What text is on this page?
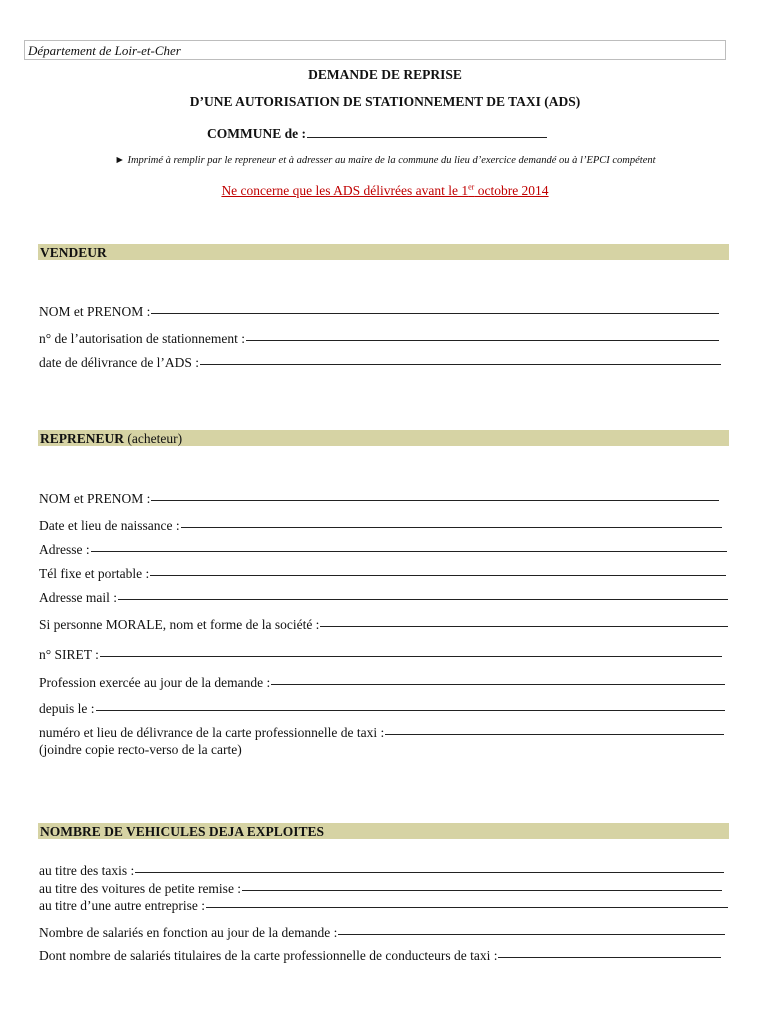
Département de Loir-et-Cher
DEMANDE DE REPRISE
D’UNE AUTORISATION DE STATIONNEMENT DE TAXI (ADS)
COMMUNE de :
► Imprimé à remplir par le repreneur et à adresser au maire de la commune du lieu d’exercice demandé ou à l’EPCI compétent
Ne concerne que les ADS délivrées avant le 1er octobre 2014
VENDEUR
NOM et PRENOM :
n° de l’autorisation de stationnement :
date de délivrance de l’ADS :
REPRENEUR (acheteur)
NOM et PRENOM :
Date et lieu de naissance :
Adresse :
Tél fixe et portable :
Adresse mail :
Si personne MORALE, nom et forme de la société :
n° SIRET :
Profession exercée au jour de la demande :
depuis le :
numéro et lieu de délivrance de la carte professionnelle de taxi :
(joindre copie recto-verso de la carte)
NOMBRE DE VEHICULES DEJA EXPLOITES
au titre des taxis :
au titre des voitures de petite remise :
au titre d’une autre entreprise :
Nombre de salariés en fonction au jour de la demande :
Dont nombre de salariés titulaires de la carte professionnelle de conducteurs de taxi :
